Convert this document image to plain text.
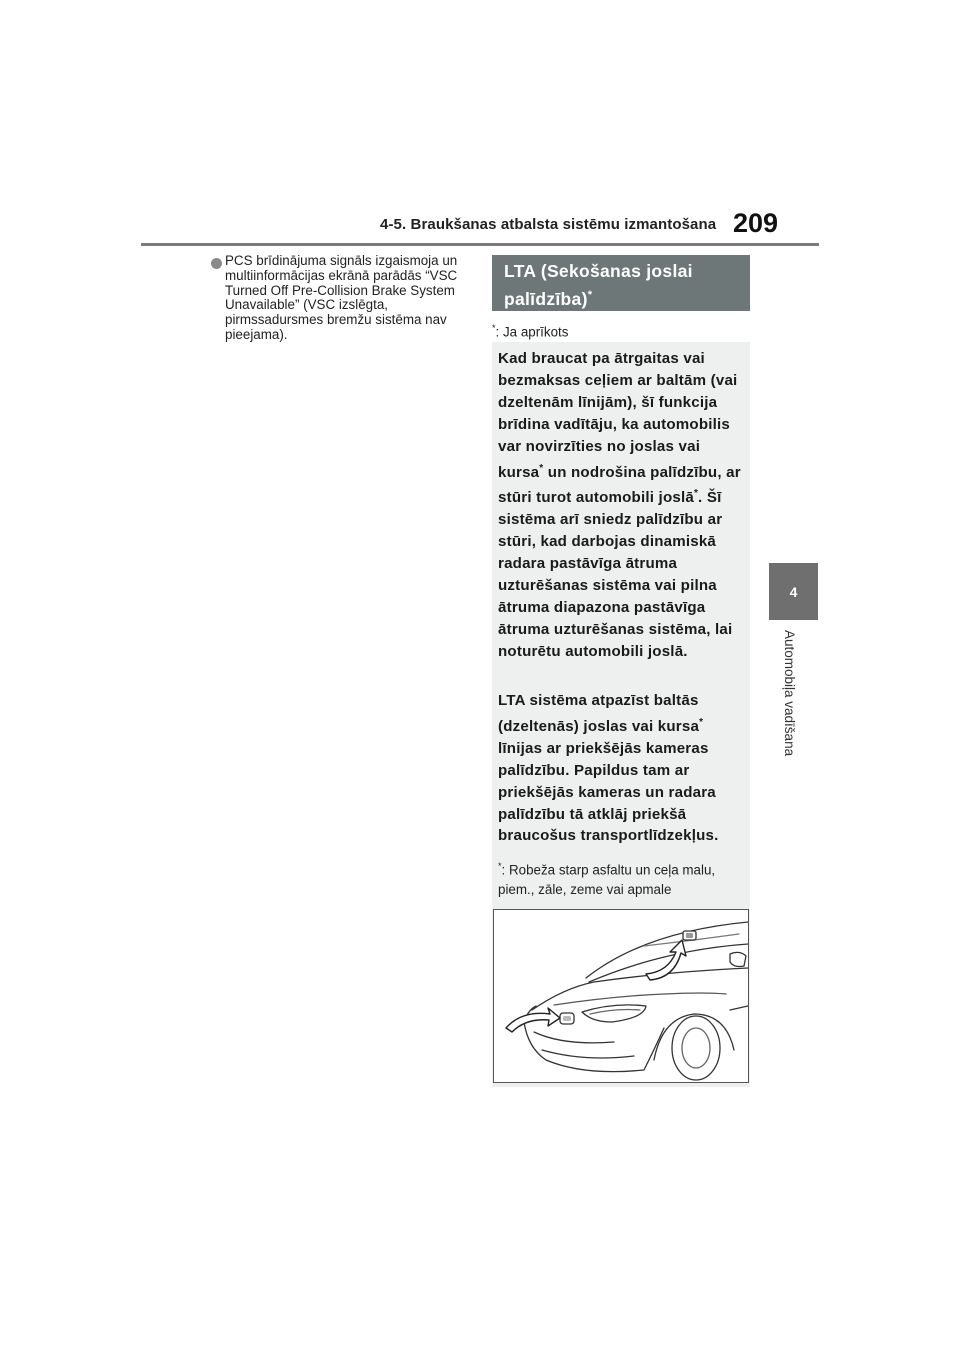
4-5. Braukšanas atbalsta sistēmu izmantošana 209
4
Automobiļa vadīšana
PCS brīdinājuma signāls izgaismoja un multiinformācijas ekrānā parādās “VSC Turned Off Pre-Collision Brake System Unavailable” (VSC izslēgta, pirmssadursmes bremžu sistēma nav pieejama).
LTA (Sekošanas joslai palīdzība)*
*: Ja aprīkots
Kad braucat pa ātrgaitas vai bezmaksas ceļiem ar baltām (vai dzeltenām līnijām), šī funkcija brīdina vadītāju, ka automobilis var novirzīties no joslas vai kursa* un nodrošina palīdzību, ar stūri turot automobili joslā*. Šī sistēma arī sniedz palīdzību ar stūri, kad darbojas dinamiskā radara pastāvīga ātruma uzturēšanas sistēma vai pilna ātruma diapazona pastāvīga ātruma uzturēšanas sistēma, lai noturētu automobili joslā.
LTA sistēma atpazīst baltās (dzeltenās) joslas vai kursa* līnijas ar priekšējās kameras palīdzību. Papildus tam ar priekšējās kameras un radara palīdzību tā atklāj priekšā braucošus transportlīdzekļus.
*: Robeža starp asfaltu un ceļa malu, piem., zāle, zeme vai apmale
